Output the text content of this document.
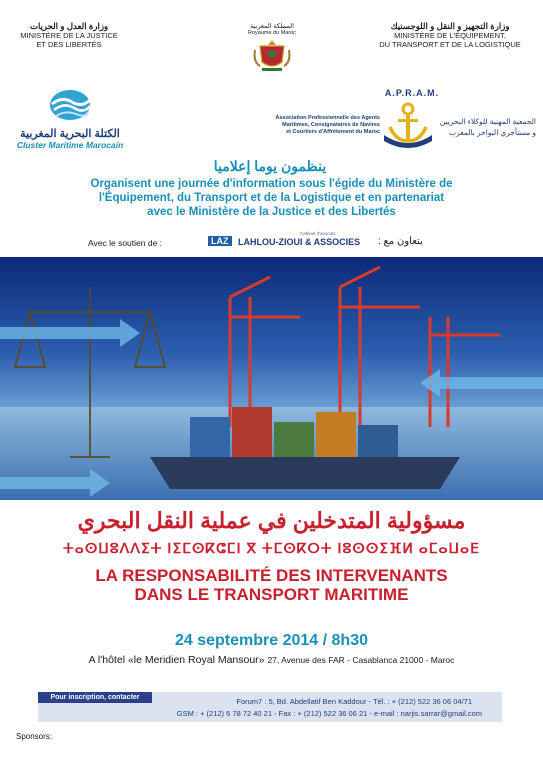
وزارة العدل و الحريات
MINISTÈRE DE LA JUSTICE
ET DES LIBERTÉS
المملكة المغربية
Royaume du Maroc
وزارة التجهيز و النقل و اللوجستيك
MINISTÈRE DE L'ÉQUIPEMENT,
DU TRANSPORT ET DE LA LOGISTIQUE
الكتلة البحرية المغربية
Cluster Maritime Marocain
Association Professionnelle des Agents
Maritimes, Consignataires de Navires
et Courtiers d'Affrètement du Maroc
A.P.R.A.M.
الجمعية المهنية للوكلاء البحريين
و مستأجري البواخر بالمغرب
ينظمون يوما إعلاميا
Organisent une journée d'information sous l'égide du Ministère de
l'Équipement, du Transport et de la Logistique et en partenariat
avec le Ministère de la Justice et des Libertés
Avec le soutien de :	LAZ
Cabinet d'avocats
LAHLOU-ZIOUI & ASSOCIES بتعاون مع :
مسؤولية المتدخلين في عملية النقل البحري
ⵜⴰⵙⵡⵓⴷⴷⵉⵜ ⵏⵉⵎⵙⴽⵛⵎⵏ ⴳ ⵜⵎⵙⴽⵔⵜ ⵏⵓⵙⵙⵉⴼⵍ ⴰⵎⴰⵡⴰⴹ
LA RESPONSABILITÉ DES INTERVENANTS
DANS LE TRANSPORT MARITIME
24 septembre 2014 / 8h30
A l'hôtel «le Meridien Royal Mansour» 27, Avenue des FAR - Casablanca 21000 - Maroc
Pour inscription, contacter	Forum7 : 5, Bd. Abdellatif Ben Kaddour - Tél. : + (212) 522 36 06 04/71
GSM : + (212) 6 78 72 40 21 - Fax : + (212) 522 36 06 21 - e-mail : narjis.sarrar@gmail.com
Sponsors:
